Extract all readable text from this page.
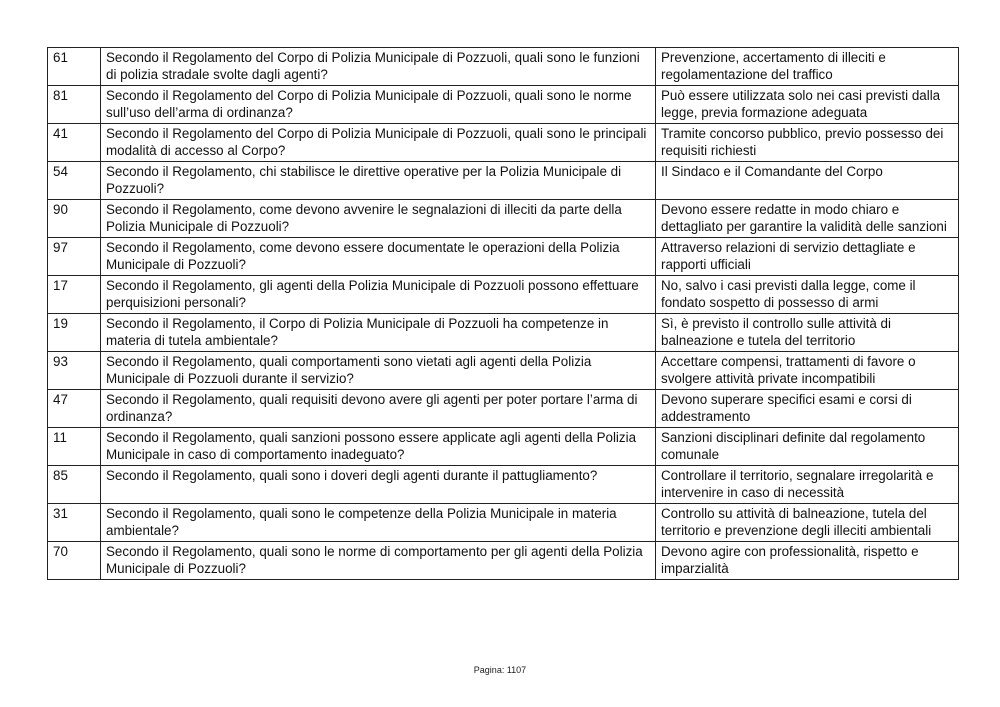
61	Secondo il Regolamento del Corpo di Polizia Municipale di Pozzuoli, quali sono le funzioni di polizia stradale svolte dagli agenti?	Prevenzione, accertamento di illeciti e regolamentazione del traffico
81	Secondo il Regolamento del Corpo di Polizia Municipale di Pozzuoli, quali sono le norme sull’uso dell’arma di ordinanza?	Può essere utilizzata solo nei casi previsti dalla legge, previa formazione adeguata
41	Secondo il Regolamento del Corpo di Polizia Municipale di Pozzuoli, quali sono le principali modalità di accesso al Corpo?	Tramite concorso pubblico, previo possesso dei requisiti richiesti
54	Secondo il Regolamento, chi stabilisce le direttive operative per la Polizia Municipale di Pozzuoli?	Il Sindaco e il Comandante del Corpo
90	Secondo il Regolamento, come devono avvenire le segnalazioni di illeciti da parte della Polizia Municipale di Pozzuoli?	Devono essere redatte in modo chiaro e dettagliato per garantire la validità delle sanzioni
97	Secondo il Regolamento, come devono essere documentate le operazioni della Polizia Municipale di Pozzuoli?	Attraverso relazioni di servizio dettagliate e rapporti ufficiali
17	Secondo il Regolamento, gli agenti della Polizia Municipale di Pozzuoli possono effettuare perquisizioni personali?	No, salvo i casi previsti dalla legge, come il fondato sospetto di possesso di armi
19	Secondo il Regolamento, il Corpo di Polizia Municipale di Pozzuoli ha competenze in materia di tutela ambientale?	Sì, è previsto il controllo sulle attività di balneazione e tutela del territorio
93	Secondo il Regolamento, quali comportamenti sono vietati agli agenti della Polizia Municipale di Pozzuoli durante il servizio?	Accettare compensi, trattamenti di favore o svolgere attività private incompatibili
47	Secondo il Regolamento, quali requisiti devono avere gli agenti per poter portare l’arma di ordinanza?	Devono superare specifici esami e corsi di addestramento
11	Secondo il Regolamento, quali sanzioni possono essere applicate agli agenti della Polizia Municipale in caso di comportamento inadeguato?	Sanzioni disciplinari definite dal regolamento comunale
85	Secondo il Regolamento, quali sono i doveri degli agenti durante il pattugliamento?	Controllare il territorio, segnalare irregolarità e intervenire in caso di necessità
31	Secondo il Regolamento, quali sono le competenze della Polizia Municipale in materia ambientale?	Controllo su attività di balneazione, tutela del territorio e prevenzione degli illeciti ambientali
70	Secondo il Regolamento, quali sono le norme di comportamento per gli agenti della Polizia Municipale di Pozzuoli?	Devono agire con professionalità, rispetto e imparzialità
Pagina: 1107
